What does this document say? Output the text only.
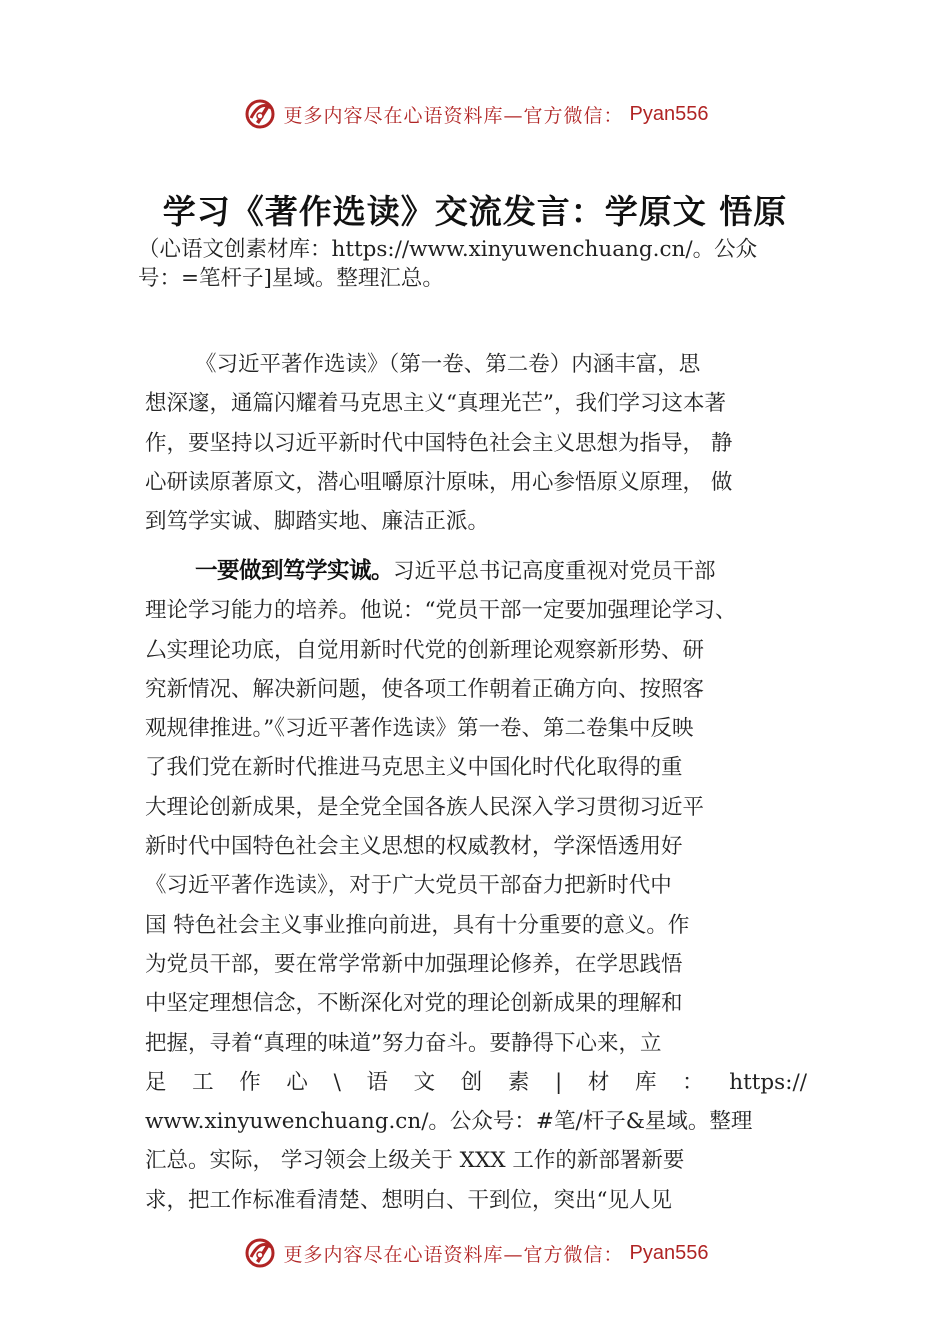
更多内容尽在心语资料库—官方微信： Pyan556
学习《著作选读》交流发言：学原文 悟原
（心语文创素材库：https://www.xinyuwenchuang.cn/。公众
号：=笔杆子]星域。整理汇总。
《习近平著作选读》（第一卷、第二卷）内涵丰富，思
想深邃，通篇闪耀着马克思主义“真理光芒”，我们学习这本著
作，要坚持以习近平新时代中国特色社会主义思想为指导， 静
心研读原著原文，潜心咀嚼原汁原味，用心参悟原义原理， 做
到笃学实诚、脚踏实地、廉洁正派。
一要做到笃学实诚。习近平总书记高度重视对党员干部
理论学习能力的培养。他说：“党员干部一定要加强理论学习、
⼛实理论功底，自觉用新时代党的创新理论观察新形势、研
究新情况、解决新问题，使各项工作朝着正确方向、按照客
观规律推进。”《习近平著作选读》第一卷、第二卷集中反映
了我们党在新时代推进马克思主义中国化时代化取得的重
大理论创新成果，是全党全国各族人民深入学习贯彻习近平
新时代中国特色社会主义思想的权威教材，学深悟透用好
《习近平著作选读》，对于广大党员干部奋力把新时代中
国 特色社会主义事业推向前进，具有十分重要的意义。作
为党员干部，要在常学常新中加强理论修养，在学思践悟
中坚定理想信念，不断深化对党的理论创新成果的理解和
把握，寻着“真理的味道”努力奋斗。要静得下心来，立
足 工 作 心 \ 语 文 创 素 | 材 库 ： https://
www.xinyuwenchuang.cn/。公众号：#笔/杆子&星域。整理
汇总。实际， 学习领会上级关于 XXX 工作的新部署新要
求，把工作标准看清楚、想明白、干到位，突出“见人见
更多内容尽在心语资料库—官方微信： Pyan556
